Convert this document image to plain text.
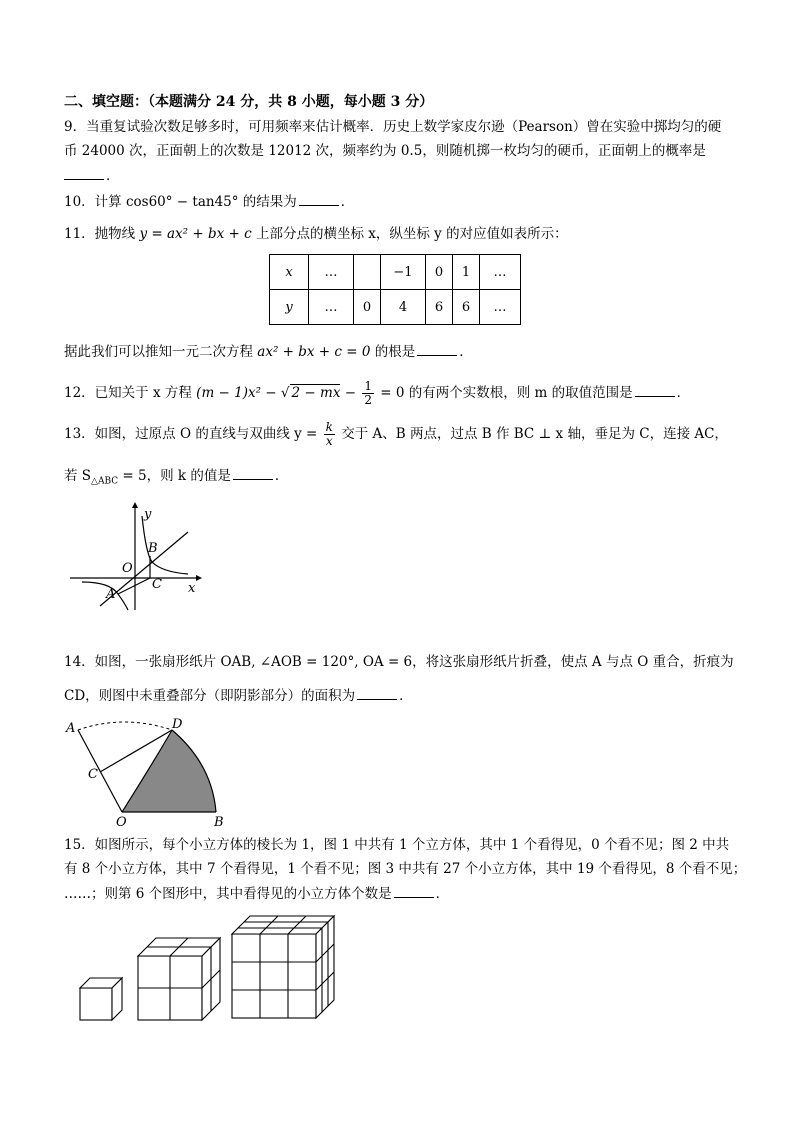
二、填空题：（本题满分 24 分，共 8 小题，每小题 3 分）
9．当重复试验次数足够多时，可用频率来估计概率．历史上数学家皮尔逊（Pearson）曾在实验中掷均匀的硬
币 24000 次，正面朝上的次数是 12012 次，频率约为 0.5，则随机掷一枚均匀的硬币，正面朝上的概率是
．
10．计算 cos60° − tan45° 的结果为	．
11．抛物线 y = ax² + bx + c 上部分点的横坐标 x，纵坐标 y 的对应值如表所示：
x	…		−1	0	1	…
y	…	0	4	6	6	…
据此我们可以推知一元二次方程 ax² + bx + c = 0 的根是	．
12．已知关于 x 方程 (m − 1)x² − √ 2 − mx − $\frac{1}{2} = 0$ 的有两个实数根，则 m 的取值范围是	．
13．如图，过原点 O 的直线与双曲线 $y = \frac{k}{x}$ 交于 A、B 两点，过点 B 作 BC ⊥ x 轴，垂足为 C，连接 AC，
若 $S_{\triangle ABC} = 5$，则 k 的值是	．
y
x
O
B
C
A
14．如图，一张扇形纸片 OAB, ∠AOB = 120°, OA = 6，将这张扇形纸片折叠，使点 A 与点 O 重合，折痕为
CD，则图中未重叠部分（即阴影部分）的面积为	．
A	D
C
O	B
15．如图所示，每个小立方体的棱长为 1，图 1 中共有 1 个立方体，其中 1 个看得见，0 个看不见；图 2 中共
有 8 个小立方体，其中 7 个看得见，1 个看不见；图 3 中共有 27 个小立方体，其中 19 个看得见，8 个看不见；
……；则第 6 个图形中，其中看得见的小立方体个数是	．
